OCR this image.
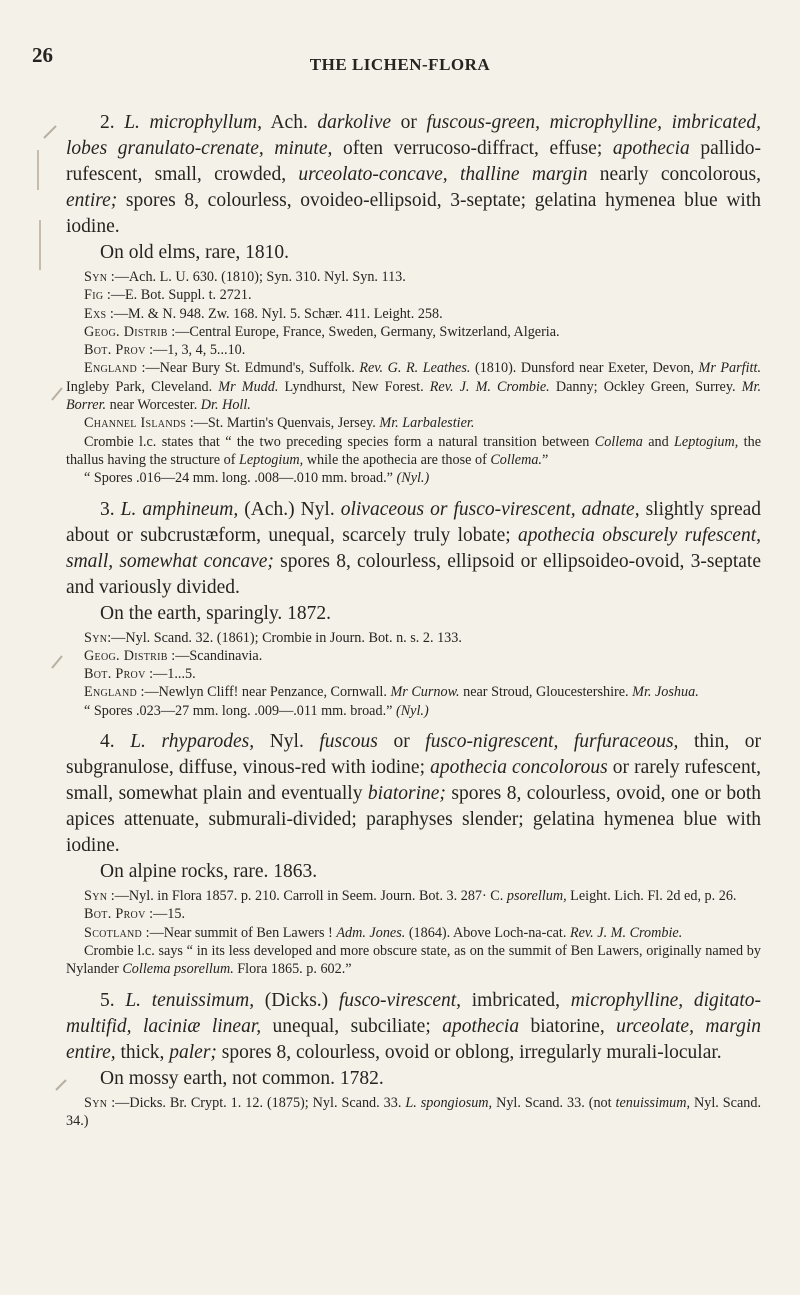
26	THE LICHEN-FLORA

2. L. microphyllum, Ach. darkolive or fuscous-green, microphylline, imbricated, lobes granulato-crenate, minute, often verrucoso-diffract, effuse; apothecia pallido-rufescent, small, crowded, urceolato-concave, thalline margin nearly concolorous, entire; spores 8, colourless, ovoideo-ellipsoid, 3-septate; gelatina hymenea blue with iodine.

On old elms, rare, 1810.

Syn :—Ach. L. U. 630. (1810); Syn. 310. Nyl. Syn. 113.

Fig :—E. Bot. Suppl. t. 2721.

Exs :—M. & N. 948. Zw. 168. Nyl. 5. Schær. 411. Leight. 258.

Geog. Distrib :—Central Europe, France, Sweden, Germany, Switzerland, Algeria.

Bot. Prov :—1, 3, 4, 5...10.

England :—Near Bury St. Edmund's, Suffolk. Rev. G. R. Leathes. (1810). Dunsford near Exeter, Devon, Mr Parfitt. Ingleby Park, Cleveland. Mr Mudd. Lyndhurst, New Forest. Rev. J. M. Crombie. Danny; Ockley Green, Surrey. Mr. Borrer. near Worcester. Dr. Holl.

Channel Islands :—St. Martin's Quenvais, Jersey. Mr. Larbalestier.

Crombie l.c. states that “ the two preceding species form a natural transition between Collema and Leptogium, the thallus having the structure of Leptogium, while the apothecia are those of Collema.”

“ Spores .016—24 mm. long. .008—.010 mm. broad.” (Nyl.)

3. L. amphineum, (Ach.) Nyl. olivaceous or fusco-virescent, adnate, slightly spread about or subcrustæform, unequal, scarcely truly lobate; apothecia obscurely rufescent, small, somewhat concave; spores 8, colourless, ellipsoid or ellipsoideo-ovoid, 3-septate and variously divided.

On the earth, sparingly. 1872.

Syn:—Nyl. Scand. 32. (1861); Crombie in Journ. Bot. n. s. 2. 133.

Geog. Distrib :—Scandinavia.

Bot. Prov :—1...5.

England :—Newlyn Cliff! near Penzance, Cornwall. Mr Curnow. near Stroud, Gloucestershire. Mr. Joshua.

“ Spores .023—27 mm. long. .009—.011 mm. broad.” (Nyl.)

4. L. rhyparodes, Nyl. fuscous or fusco-nigrescent, furfuraceous, thin, or subgranulose, diffuse, vinous-red with iodine; apothecia concolorous or rarely rufescent, small, somewhat plain and eventually biatorine; spores 8, colourless, ovoid, one or both apices attenuate, submurali-divided; paraphyses slender; gelatina hymenea blue with iodine.

On alpine rocks, rare. 1863.

Syn :—Nyl. in Flora 1857. p. 210. Carroll in Seem. Journ. Bot. 3. 287· C. psorellum, Leight. Lich. Fl. 2d ed, p. 26.

Bot. Prov :—15.

Scotland :—Near summit of Ben Lawers ! Adm. Jones. (1864). Above Loch-na-cat. Rev. J. M. Crombie.

Crombie l.c. says “ in its less developed and more obscure state, as on the summit of Ben Lawers, originally named by Nylander Collema psorellum. Flora 1865. p. 602.”

5. L. tenuissimum, (Dicks.) fusco-virescent, imbricated, microphylline, digitato-multifid, laciniæ linear, unequal, subciliate; apothecia biatorine, urceolate, margin entire, thick, paler; spores 8, colourless, ovoid or oblong, irregularly murali-locular.

On mossy earth, not common. 1782.

Syn :—Dicks. Br. Crypt. 1. 12. (1875); Nyl. Scand. 33. L. spongiosum, Nyl. Scand. 33. (not tenuissimum, Nyl. Scand. 34.)
